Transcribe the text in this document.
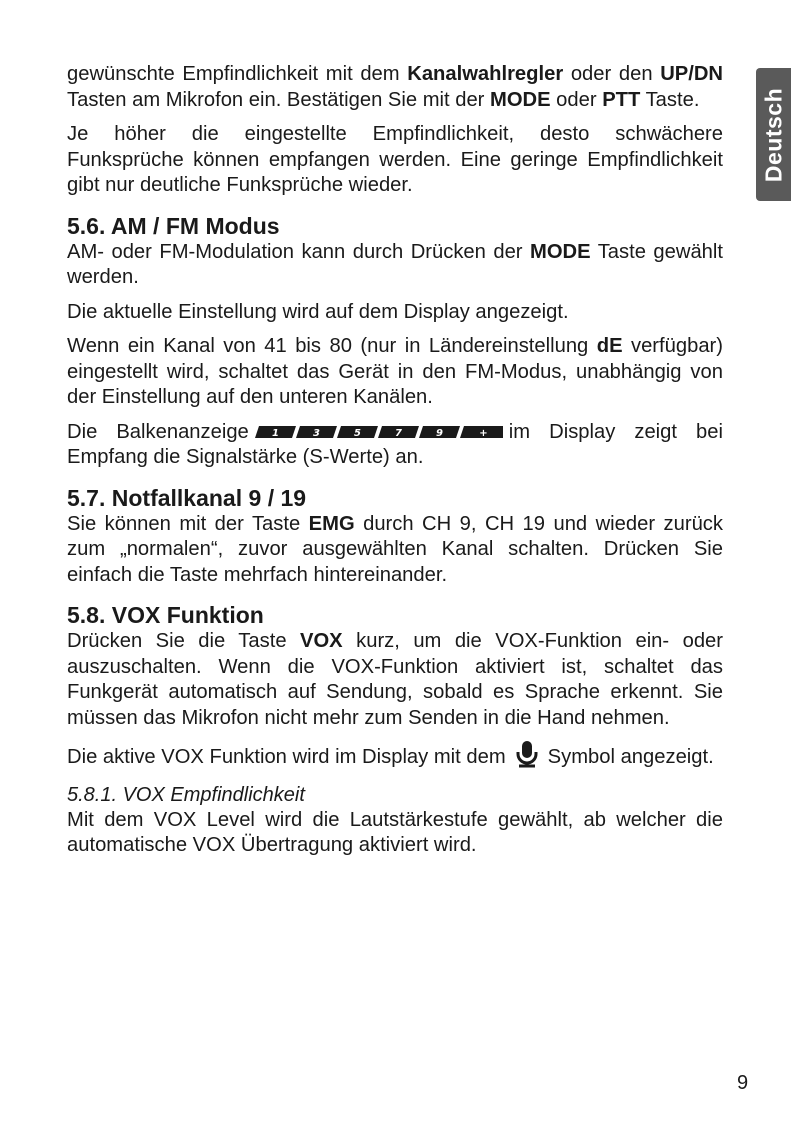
Deutsch

gewünschte Empfindlichkeit mit dem Kanalwahlregler oder den UP/DN Tasten am Mikrofon ein. Bestätigen Sie mit der MODE oder PTT Taste.

Je höher die eingestellte Empfindlichkeit, desto schwächere Funksprüche können empfangen werden. Eine geringe Empfindlichkeit gibt nur deutliche Funksprüche wieder.

5.6. AM / FM Modus

AM- oder FM-Modulation kann durch Drücken der MODE Taste gewählt werden.

Die aktuelle Einstellung wird auf dem Display angezeigt.

Wenn ein Kanal von 41 bis 80 (nur in Ländereinstellung dE verfügbar) eingestellt wird, schaltet das Gerät in den FM-Modus, unabhängig von der Einstellung auf den unteren Kanälen.

Die Balkenanzeige 1	3	5	7	9	+ im Display zeigt bei Empfang die Signalstärke (S-Werte) an.

5.7. Notfallkanal 9 / 19

Sie können mit der Taste EMG durch CH 9, CH 19 und wieder zurück zum „normalen“, zuvor ausgewählten Kanal schalten. Drücken Sie einfach die Taste mehrfach hintereinander.

5.8. VOX Funktion

Drücken Sie die Taste VOX kurz, um die VOX-Funktion ein- oder auszuschalten. Wenn die VOX-Funktion aktiviert ist, schaltet das Funkgerät automatisch auf Sendung, sobald es Sprache erkennt. Sie müssen das Mikrofon nicht mehr zum Senden in die Hand nehmen.

Die aktive VOX Funktion wird im Display mit dem Symbol angezeigt.

5.8.1. VOX Empfindlichkeit

Mit dem VOX Level wird die Lautstärkestufe gewählt, ab welcher die automatische VOX Übertragung aktiviert wird.

9
